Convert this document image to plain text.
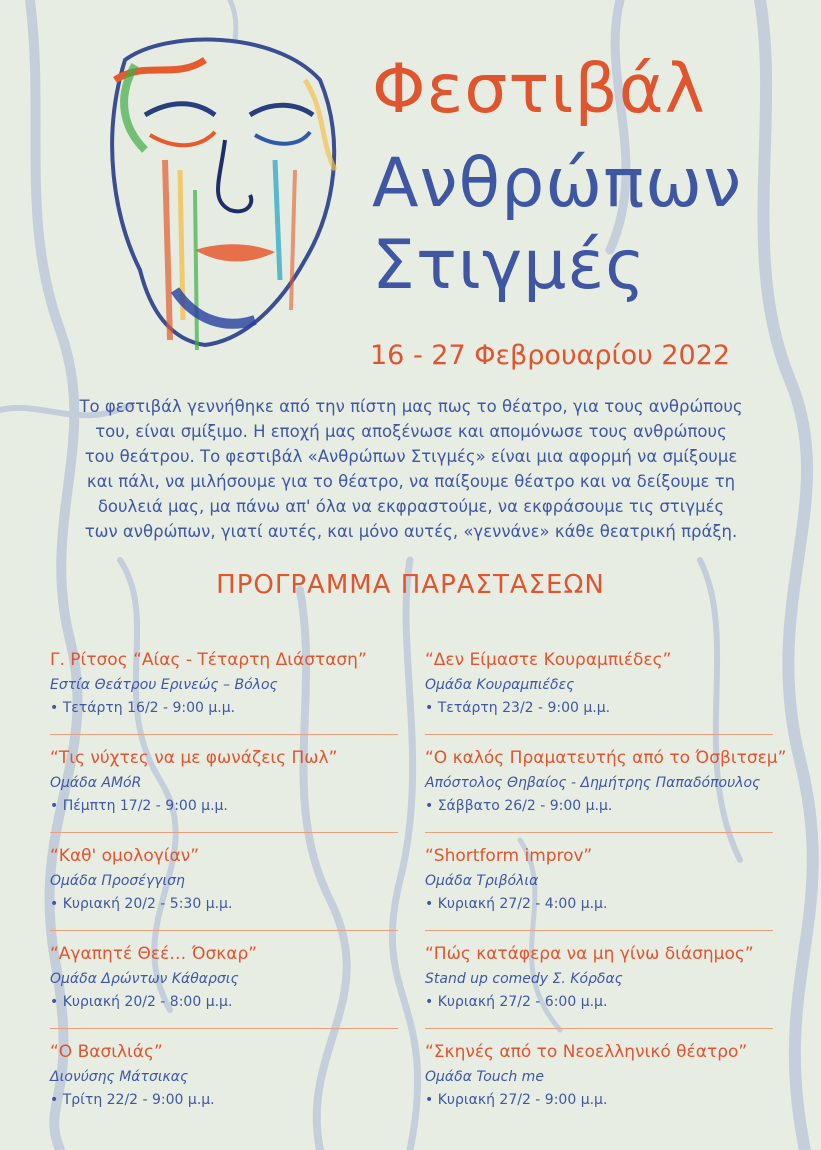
Φεστιβάλ
Ανθρώπων
Στιγμές
16 - 27 Φεβρουαρίου 2022
Το φεστιβάλ γεννήθηκε από την πίστη μας πως το θέατρο, για τους ανθρώπους
του, είναι σμίξιμο. Η εποχή μας αποξένωσε και απομόνωσε τους ανθρώπους
του θεάτρου. Το φεστιβάλ «Ανθρώπων Στιγμές» είναι μια αφορμή να σμίξουμε
και πάλι, να μιλήσουμε για το θέατρο, να παίξουμε θέατρο και να δείξουμε τη
δουλειά μας, μα πάνω απ' όλα να εκφραστούμε, να εκφράσουμε τις στιγμές
των ανθρώπων, γιατί αυτές, και μόνο αυτές, «γεννάνε» κάθε θεατρική πράξη.
ΠΡΟΓΡΑΜΜΑ ΠΑΡΑΣΤΑΣΕΩΝ
Γ. Ρίτσος “Αίας - Τέταρτη Διάσταση”
Εστία Θεάτρου Ερινεώς – Βόλος
• Τετάρτη 16/2 - 9:00 μ.μ.
“Τις νύχτες να με φωνάζεις Πωλ”
Ομάδα AMόR
• Πέμπτη 17/2 - 9:00 μ.μ.
“Καθ' ομολογίαν”
Ομάδα Προσέγγιση
• Κυριακή 20/2 - 5:30 μ.μ.
“Αγαπητέ Θεέ… Όσκαρ”
Ομάδα Δρώντων Κάθαρσις
• Κυριακή 20/2 - 8:00 μ.μ.
“Ο Βασιλιάς”
Διονύσης Μάτσικας
• Τρίτη 22/2 - 9:00 μ.μ.
“Δεν Είμαστε Κουραμπιέδες”
Ομάδα Κουραμπιέδες
• Τετάρτη 23/2 - 9:00 μ.μ.
“Ο καλός Πραματευτής από το Όσβιτσεμ”
Απόστολος Θηβαίος - Δημήτρης Παπαδόπουλος
• Σάββατο 26/2 - 9:00 μ.μ.
“Shortform improv”
Ομάδα Τριβόλια
• Κυριακή 27/2 - 4:00 μ.μ.
“Πώς κατάφερα να μη γίνω διάσημος”
Stand up comedy Σ. Κόρδας
• Κυριακή 27/2 - 6:00 μ.μ.
“Σκηνές από το Νεοελληνικό θέατρο”
Ομάδα Touch me
• Κυριακή 27/2 - 9:00 μ.μ.
